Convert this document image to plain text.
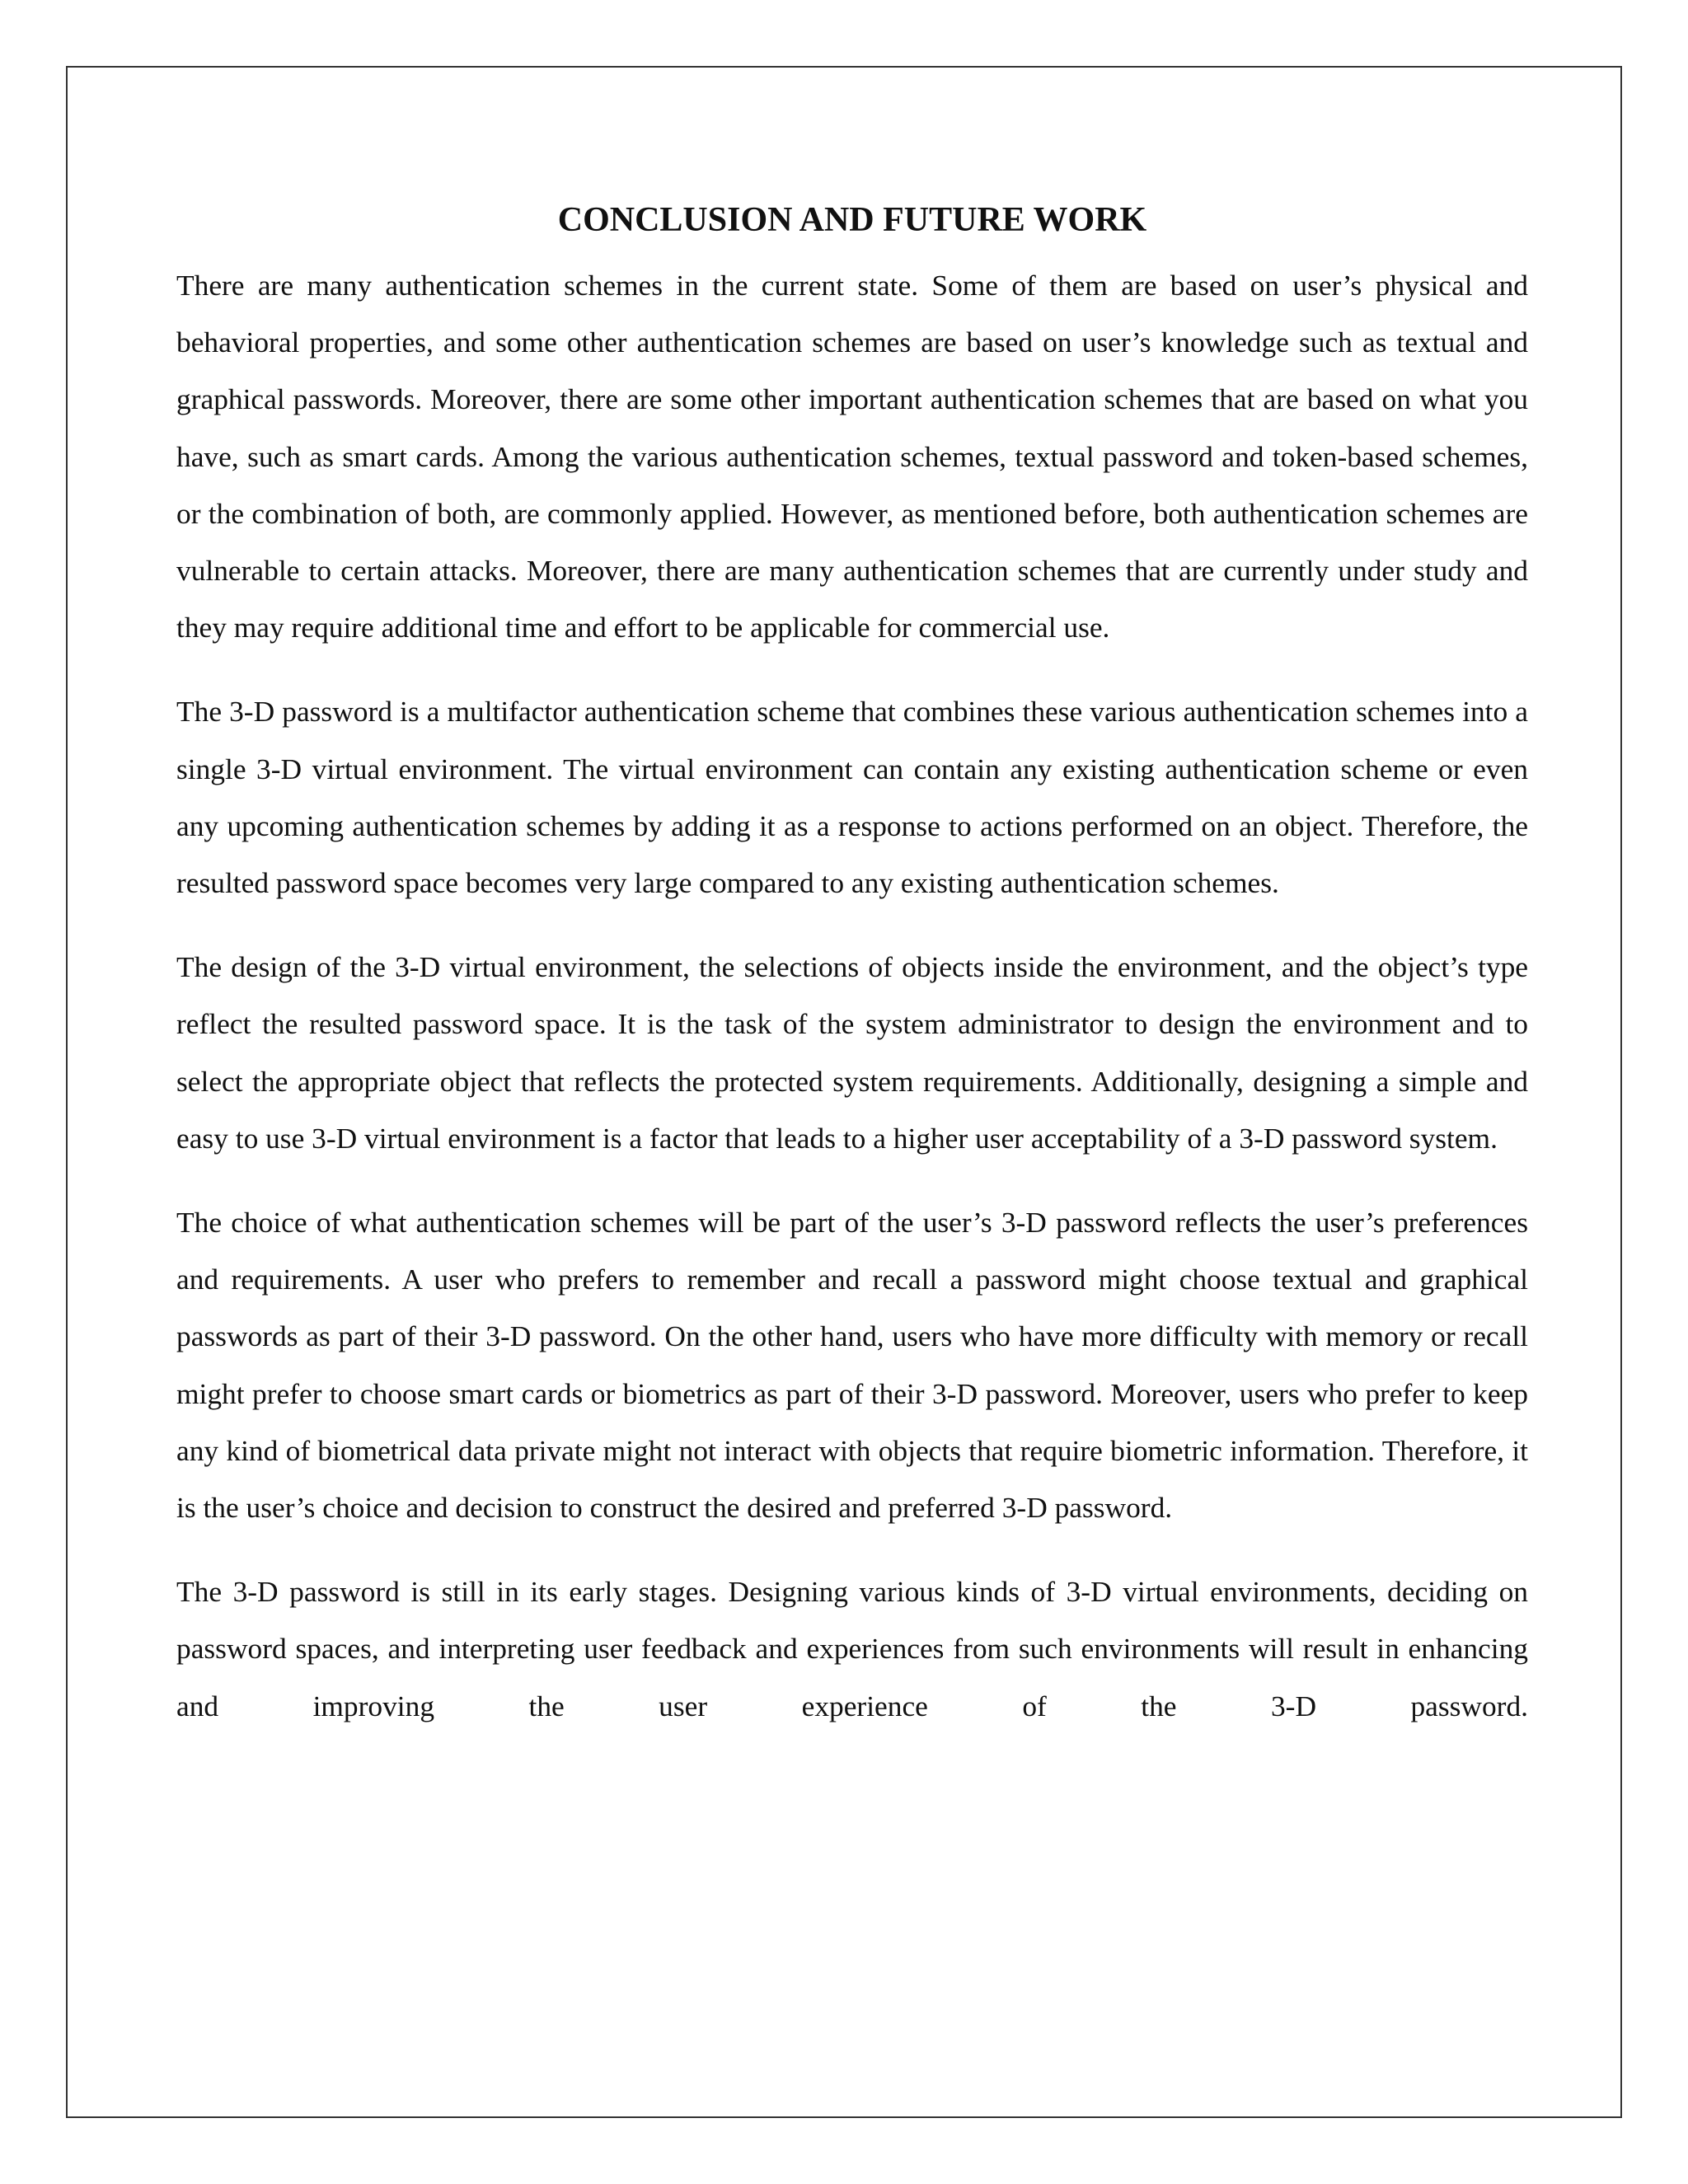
CONCLUSION AND FUTURE WORK

There are many authentication schemes in the current state. Some of them are based on user’s physical and behavioral properties, and some other authentication schemes are based on user’s knowledge such as textual and graphical passwords. Moreover, there are some other important authentication schemes that are based on what you have, such as smart cards. Among the various authentication schemes, textual password and token-based schemes, or the combination of both, are commonly applied. However, as mentioned before, both authentication schemes are vulnerable to certain attacks. Moreover, there are many authentication schemes that are currently under study and they may require additional time and effort to be applicable for commercial use.

The 3-D password is a multifactor authentication scheme that combines these various authentication schemes into a single 3-D virtual environment. The virtual environment can contain any existing authentication scheme or even any upcoming authentication schemes by adding it as a response to actions performed on an object. Therefore, the resulted password space becomes very large compared to any existing authentication schemes.

The design of the 3-D virtual environment, the selections of objects inside the environment, and the object’s type reflect the resulted password space. It is the task of the system administrator to design the environment and to select the appropriate object that reflects the protected system requirements. Additionally, designing a simple and easy to use 3-D virtual environment is a factor that leads to a higher user acceptability of a 3-D password system.

The choice of what authentication schemes will be part of the user’s 3-D password reflects the user’s preferences and requirements. A user who prefers to remember and recall a password might choose textual and graphical passwords as part of their 3-D password. On the other hand, users who have more difficulty with memory or recall might prefer to choose smart cards or biometrics as part of their 3-D password. Moreover, users who prefer to keep any kind of biometrical data private might not interact with objects that require biometric information. Therefore, it is the user’s choice and decision to construct the desired and preferred 3-D password.

The 3-D password is still in its early stages. Designing various kinds of 3-D virtual environments, deciding on password spaces, and interpreting user feedback and experiences from such environments will result in enhancing and improving the user experience of the 3-D password.
